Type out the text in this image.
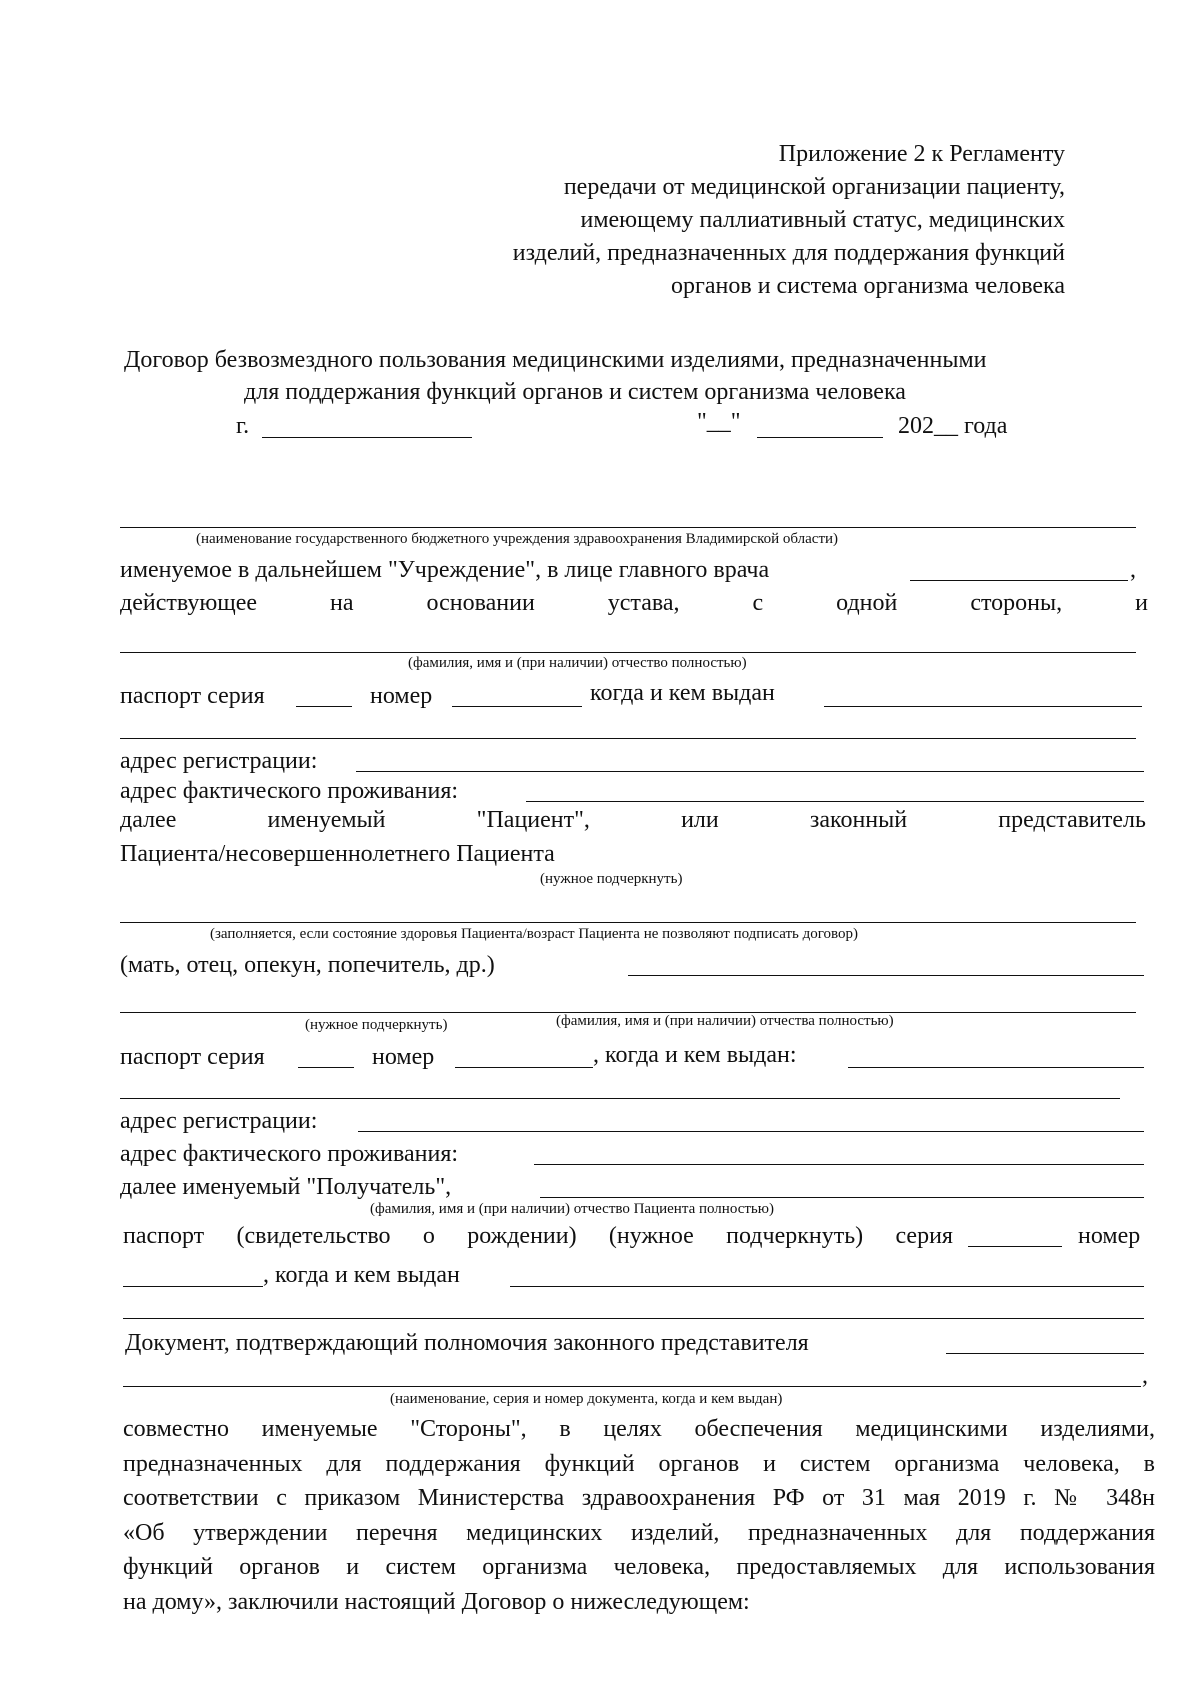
Приложение 2 к Регламенту
передачи от медицинской организации пациенту,
имеющему паллиативный статус, медицинских
изделий, предназначенных для поддержания функций
органов и система организма человека
Договор безвозмездного пользования медицинскими изделиями, предназначенными
для поддержания функций органов и систем организма человека
г.	"__"	202__ года
(наименование государственного бюджетного учреждения здравоохранения Владимирской области)
именуемое в дальнейшем "Учреждение", в лице главного врача	,
действующее	на	основании	устава,	с	одной	стороны,	и
(фамилия, имя и (при наличии) отчество полностью)
паспорт серия	номер	когда и кем выдан
адрес регистрации:
адрес фактического проживания:
далее	именуемый	"Пациент",	или	законный	представитель
Пациента/несовершеннолетнего Пациента
(нужное подчеркнуть)
(заполняется, если состояние здоровья Пациента/возраст Пациента не позволяют подписать договор)
(мать, отец, опекун, попечитель, др.)
(нужное подчеркнуть)	(фамилия, имя и (при наличии) отчества полностью)
паспорт серия	номер	, когда и кем выдан:
адрес регистрации:
адрес фактического проживания:
далее именуемый "Получатель",
(фамилия, имя и (при наличии) отчество Пациента полностью)
паспорт (свидетельство о рождении) (нужное подчеркнуть) серия	номер
, когда и кем выдан
Документ, подтверждающий полномочия законного представителя
,
(наименование, серия и номер документа, когда и кем выдан)
совместно именуемые "Стороны", в целях обеспечения медицинскими изделиями,
предназначенных для поддержания функций органов и систем организма человека, в
соответствии с приказом Министерства здравоохранения РФ от 31 мая 2019 г. № 348н
«Об утверждении перечня медицинских изделий, предназначенных для поддержания
функций органов и систем организма человека, предоставляемых для использования
на дому», заключили настоящий Договор о нижеследующем:
